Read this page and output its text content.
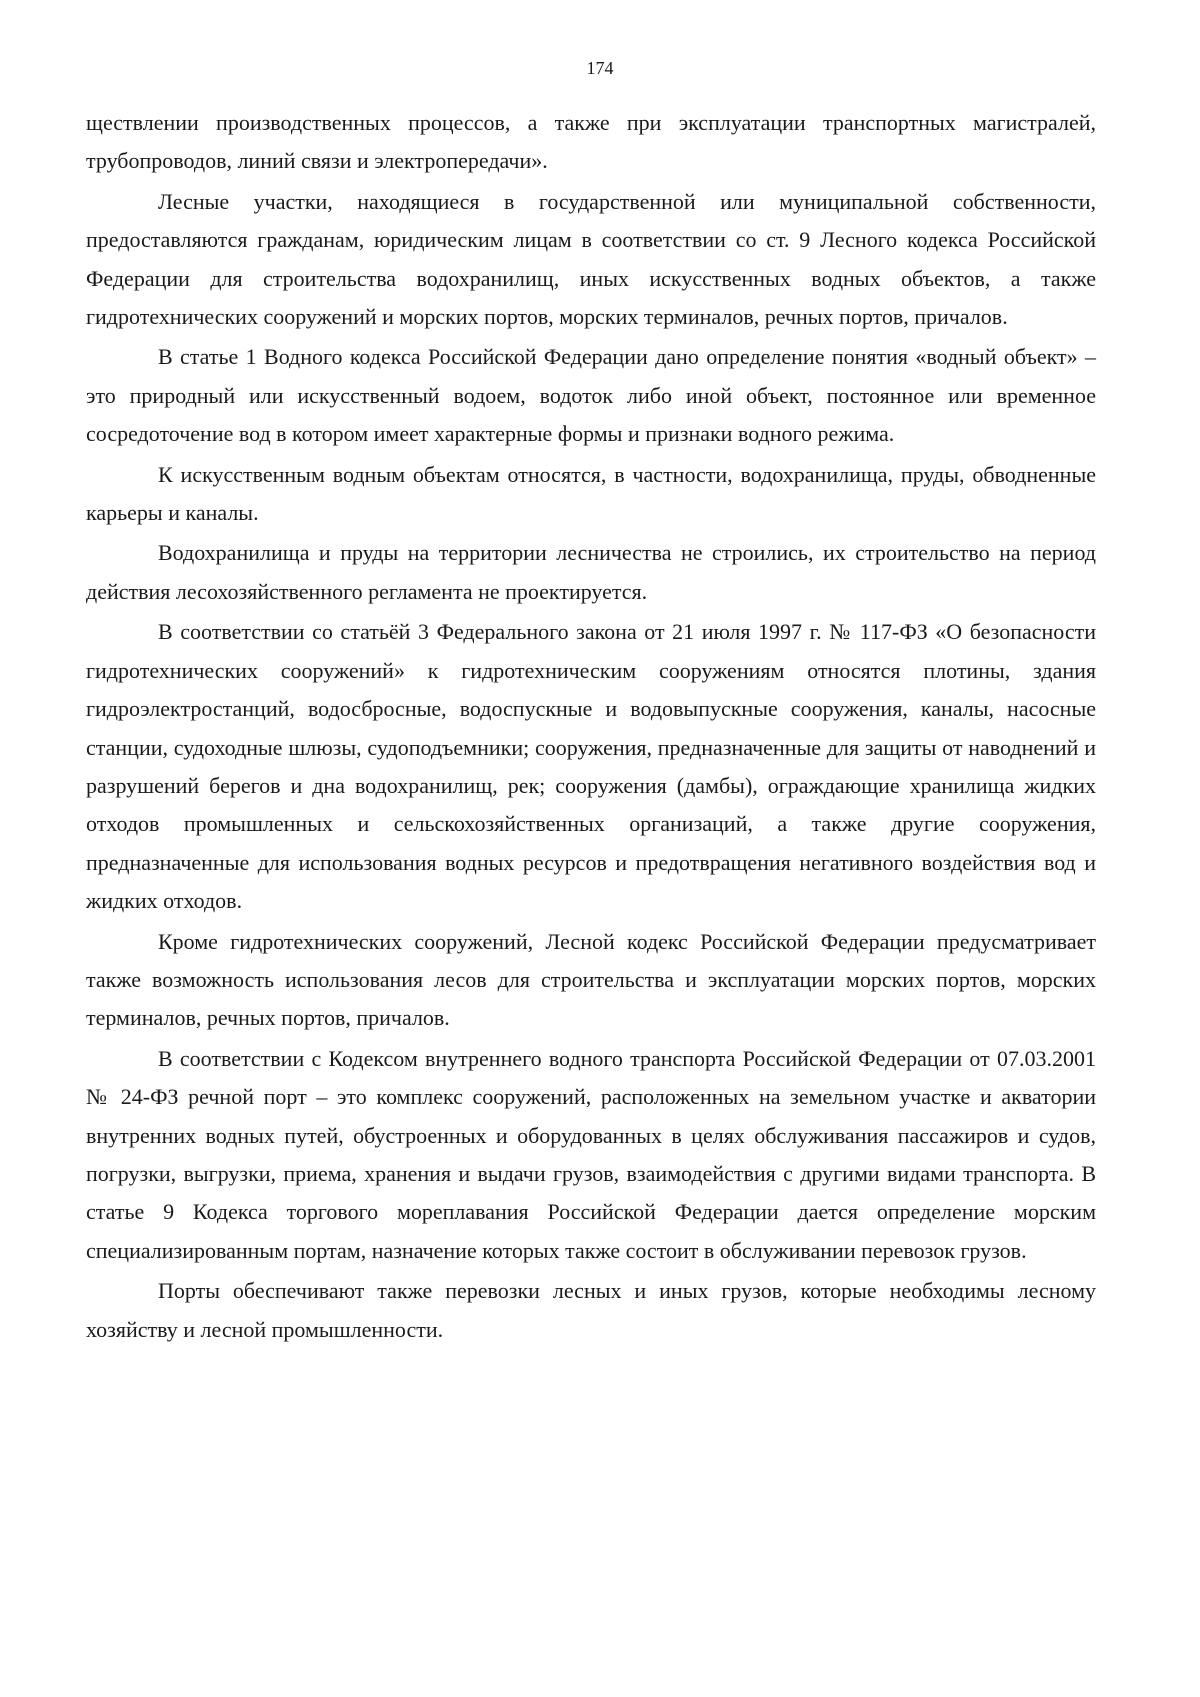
174

ществлении производственных процессов, а также при эксплуатации транспортных магистралей, трубопроводов, линий связи и электропередачи».

Лесные участки, находящиеся в государственной или муниципальной собственности, предоставляются гражданам, юридическим лицам в соответствии со ст. 9 Лесного кодекса Российской Федерации для строительства водохранилищ, иных искусственных водных объектов, а также гидротехнических сооружений и морских портов, морских терминалов, речных портов, причалов.

В статье 1 Водного кодекса Российской Федерации дано определение понятия «водный объект» – это природный или искусственный водоем, водоток либо иной объект, постоянное или временное сосредоточение вод в котором имеет характерные формы и признаки водного режима.

К искусственным водным объектам относятся, в частности, водохранилища, пруды, обводненные карьеры и каналы.

Водохранилища и пруды на территории лесничества не строились, их строительство на период действия лесохозяйственного регламента не проектируется.

В соответствии со статьёй 3 Федерального закона от 21 июля 1997 г. № 117-ФЗ «О безопасности гидротехнических сооружений» к гидротехническим сооружениям относятся плотины, здания гидроэлектростанций, водосбросные, водоспускные и водовыпускные сооружения, каналы, насосные станции, судоходные шлюзы, судоподъемники; сооружения, предназначенные для защиты от наводнений и разрушений берегов и дна водохранилищ, рек; сооружения (дамбы), ограждающие хранилища жидких отходов промышленных и сельскохозяйственных организаций, а также другие сооружения, предназначенные для использования водных ресурсов и предотвращения негативного воздействия вод и жидких отходов.

Кроме гидротехнических сооружений, Лесной кодекс Российской Федерации предусматривает также возможность использования лесов для строительства и эксплуатации морских портов, морских терминалов, речных портов, причалов.

В соответствии с Кодексом внутреннего водного транспорта Российской Федерации от 07.03.2001 № 24-ФЗ речной порт – это комплекс сооружений, расположенных на земельном участке и акватории внутренних водных путей, обустроенных и оборудованных в целях обслуживания пассажиров и судов, погрузки, выгрузки, приема, хранения и выдачи грузов, взаимодействия с другими видами транспорта. В статье 9 Кодекса торгового мореплавания Российской Федерации дается определение морским специализированным портам, назначение которых также состоит в обслуживании перевозок грузов.

Порты обеспечивают также перевозки лесных и иных грузов, которые необходимы лесному хозяйству и лесной промышленности.
